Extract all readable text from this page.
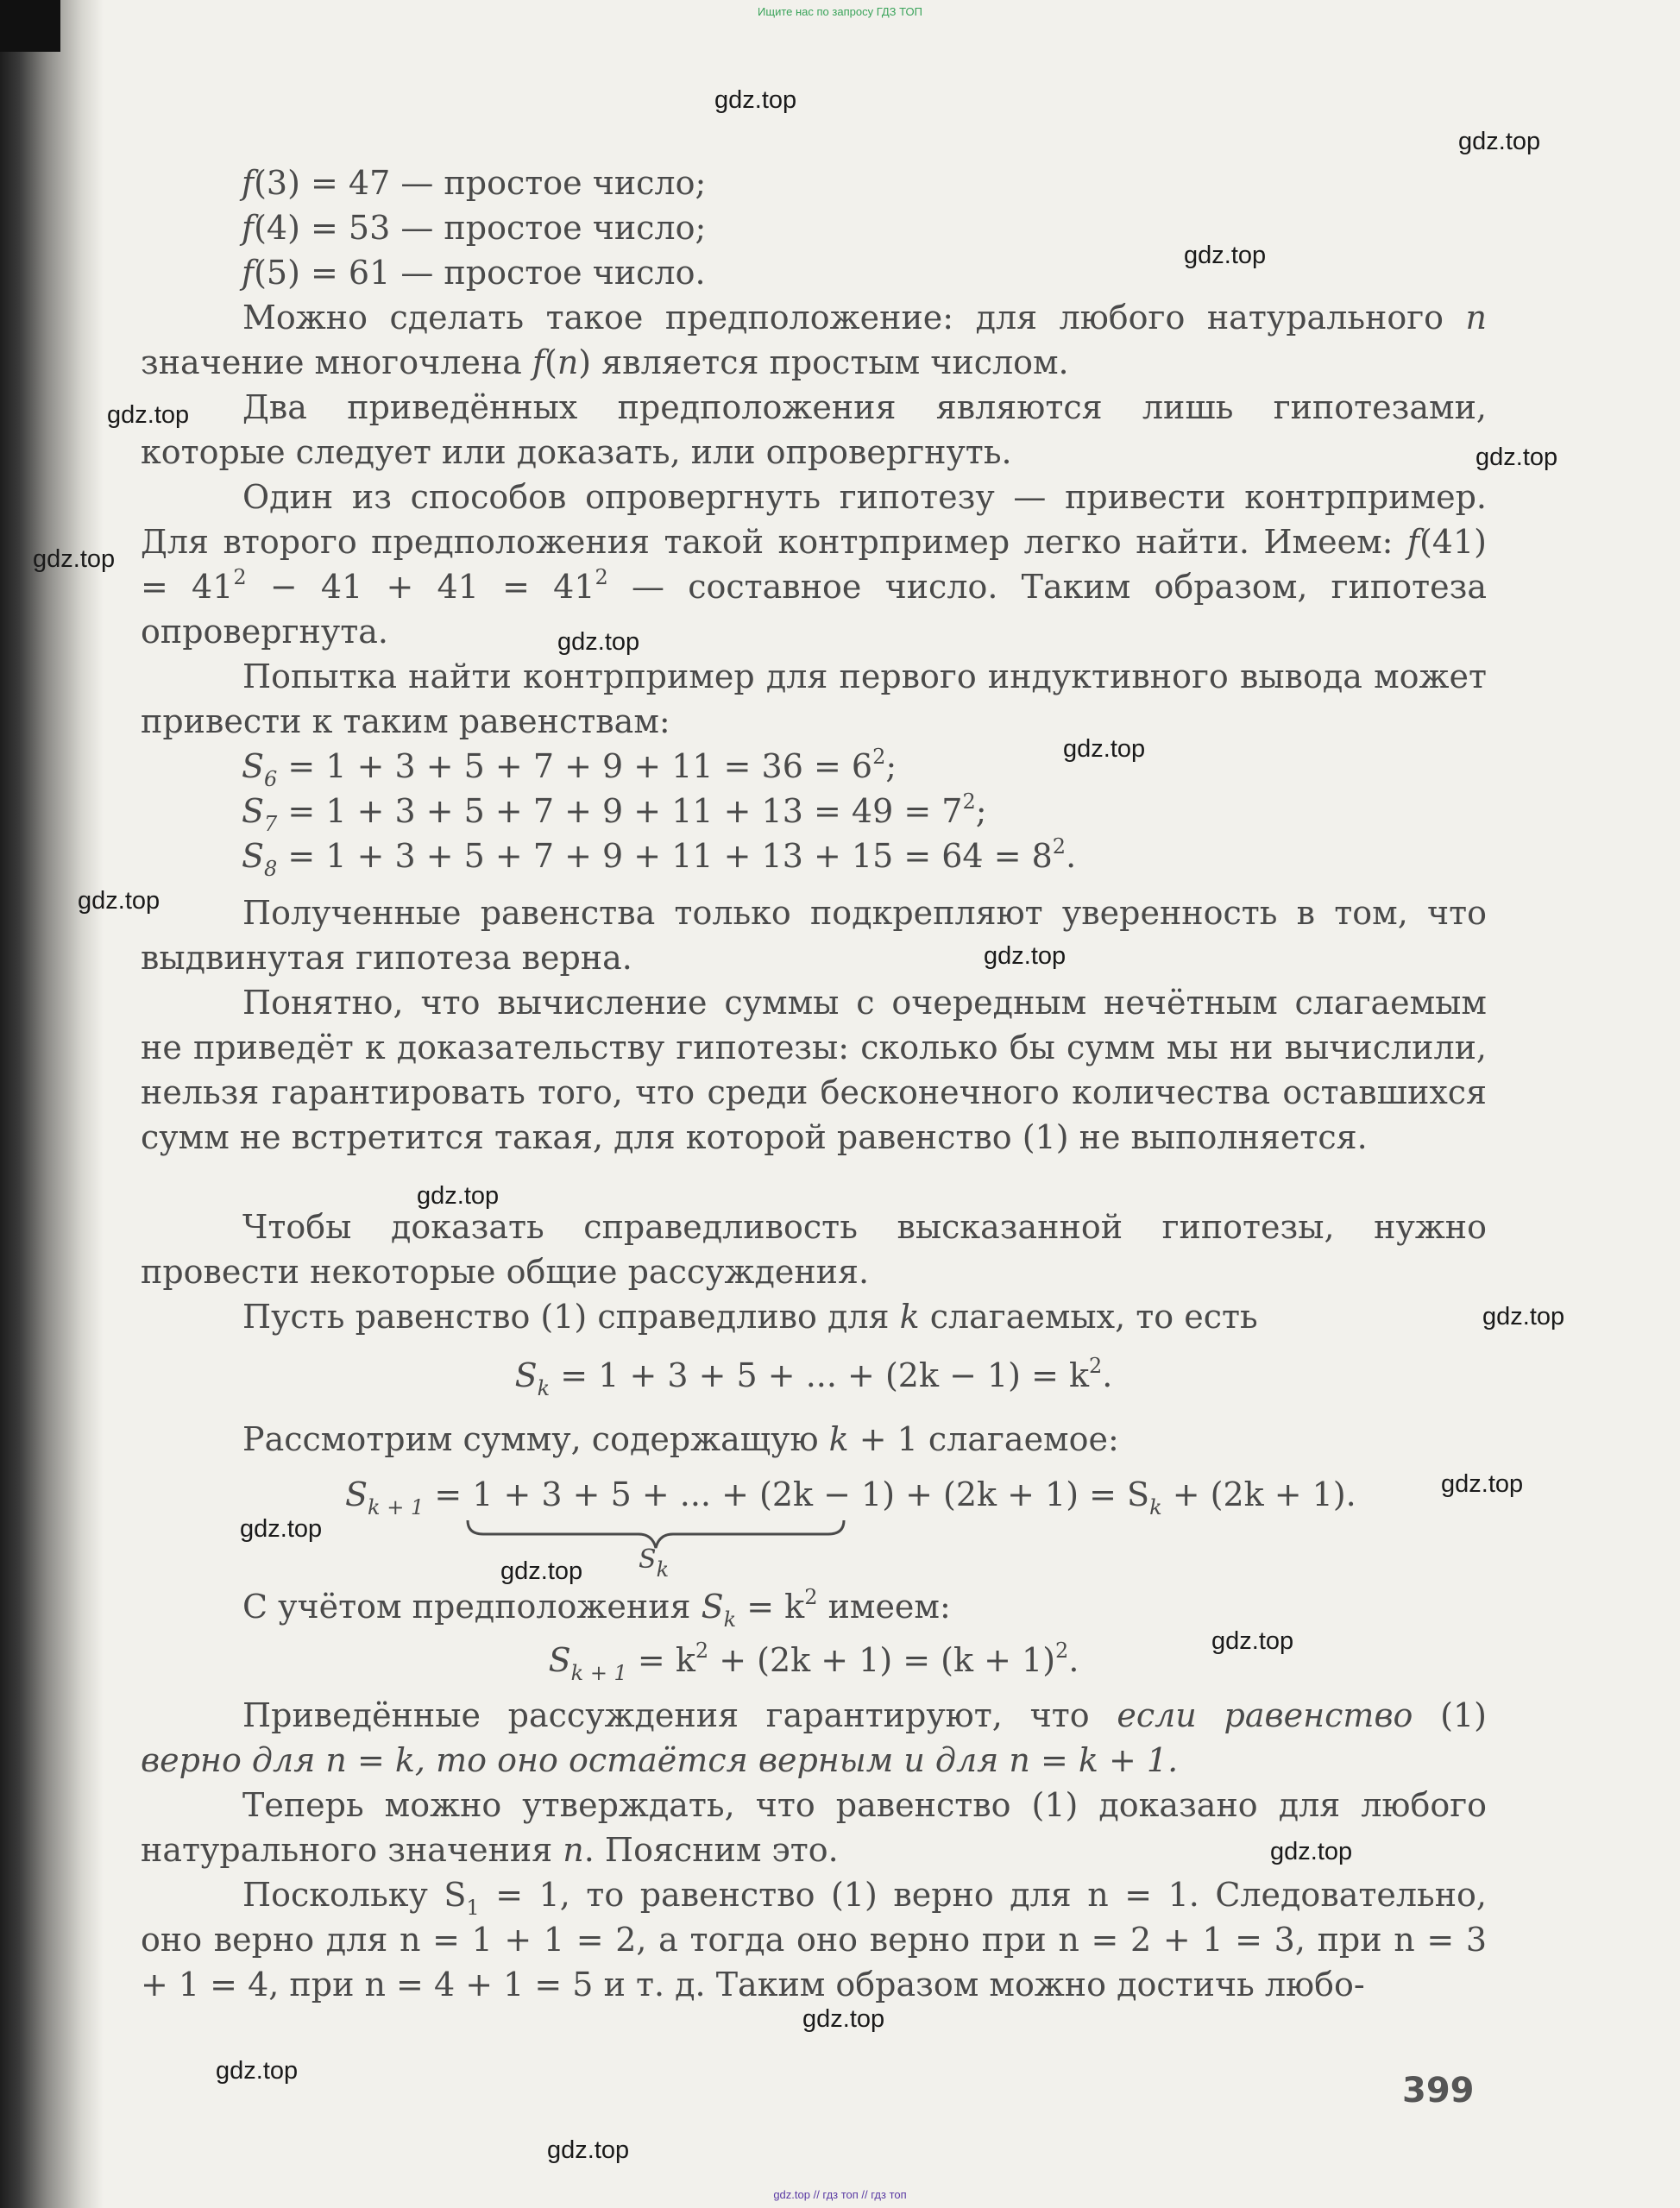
Ищите нас по запросу ГДЗ ТОП
f(3) = 47 — простое число;
f(4) = 53 — простое число;
f(5) = 61 — простое число.
Можно сделать такое предположение: для любого натурального n значение многочлена f(n) является простым числом.
Два приведённых предположения являются лишь гипотезами, которые следует или доказать, или опровергнуть.
Один из способов опровергнуть гипотезу — привести контрпример. Для второго предположения такой контрпример легко найти. Имеем: $f(41) = 41^2 - 41 + 41 = 41^2$ — составное число. Таким образом, гипотеза опровергнута.
Попытка найти контрпример для первого индуктивного вывода может привести к таким равенствам:
$S_6 = 1 + 3 + 5 + 7 + 9 + 11 = 36 = 6^2$;
$S_7 = 1 + 3 + 5 + 7 + 9 + 11 + 13 = 49 = 7^2$;
$S_8 = 1 + 3 + 5 + 7 + 9 + 11 + 13 + 15 = 64 = 8^2$.
Полученные равенства только подкрепляют уверенность в том, что выдвинутая гипотеза верна.
Понятно, что вычисление суммы с очередным нечётным слагаемым не приведёт к доказательству гипотезы: сколько бы сумм мы ни вычислили, нельзя гарантировать того, что среди бесконечного количества оставшихся сумм не встретится такая, для которой равенство (1) не выполняется.
Чтобы доказать справедливость высказанной гипотезы, нужно провести некоторые общие рассуждения.
Пусть равенство (1) справедливо для k слагаемых, то есть
$S_k = 1 + 3 + 5$ + ... + $(2k - 1) = k^2$.
Рассмотрим сумму, содержащую k + 1 слагаемое:
$S_{k + 1} = 1 + 3 + 5$ + ... + $(2k - 1) + (2k + 1) = S_k + (2k + 1)$.
$S_k$
С учётом предположения $S_k = k^2$ имеем:
$S_{k + 1} = k^2 + (2k + 1) = (k + 1)^2$.
Приведённые рассуждения гарантируют, что если равенство (1) верно для n = k, то оно остаётся верным и для n = k + 1.
Теперь можно утверждать, что равенство (1) доказано для любого натурального значения n. Поясним это.
Поскольку $S_1 = 1$, то равенство (1) верно для n = 1. Следовательно, оно верно для n = 1 + 1 = 2, а тогда оно верно при n = 2 + 1 = 3, при n = 3 + 1 = 4, при n = 4 + 1 = 5 и т. д. Таким образом можно достичь любо-
399
gdz.top
gdz.top
gdz.top
gdz.top
gdz.top
gdz.top
gdz.top
gdz.top
gdz.top
gdz.top
gdz.top
gdz.top
gdz.top
gdz.top
gdz.top
gdz.top
gdz.top
gdz.top
gdz.top
gdz.top
gdz.top // гдз топ // гдз топ
